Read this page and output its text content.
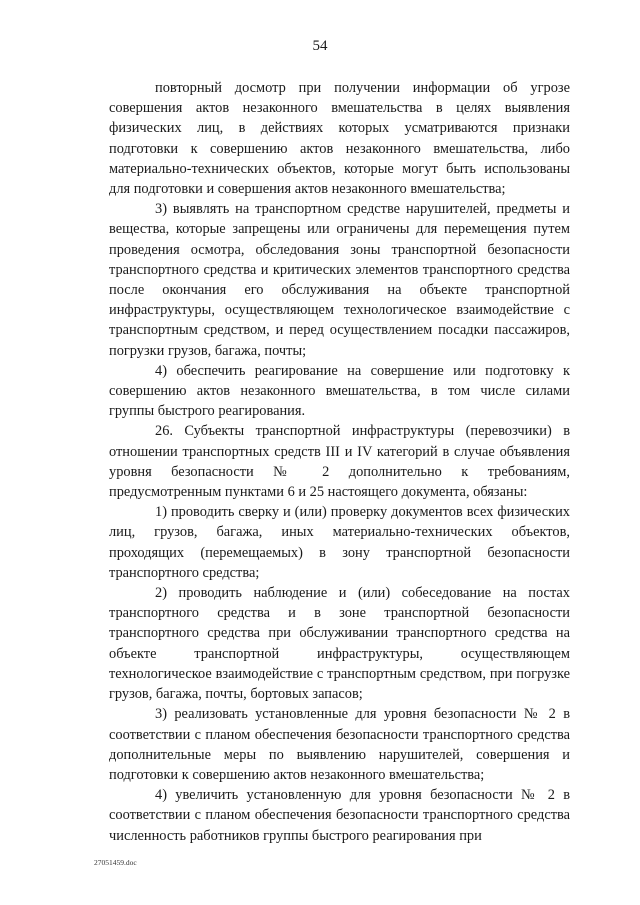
54

повторный досмотр при получении информации об угрозе совершения актов незаконного вмешательства в целях выявления физических лиц, в действиях которых усматриваются признаки подготовки к совершению актов незаконного вмешательства, либо материально-технических объектов, которые могут быть использованы для подготовки и совершения актов незаконного вмешательства;

3) выявлять на транспортном средстве нарушителей, предметы и вещества, которые запрещены или ограничены для перемещения путем проведения осмотра, обследования зоны транспортной безопасности транспортного средства и критических элементов транспортного средства после окончания его обслуживания на объекте транспортной инфраструктуры, осуществляющем технологическое взаимодействие с транспортным средством, и перед осуществлением посадки пассажиров, погрузки грузов, багажа, почты;

4) обеспечить реагирование на совершение или подготовку к совершению актов незаконного вмешательства, в том числе силами группы быстрого реагирования.

26. Субъекты транспортной инфраструктуры (перевозчики) в отношении транспортных средств III и IV категорий в случае объявления уровня безопасности № 2 дополнительно к требованиям, предусмотренным пунктами 6 и 25 настоящего документа, обязаны:

1) проводить сверку и (или) проверку документов всех физических лиц, грузов, багажа, иных материально-технических объектов, проходящих (перемещаемых) в зону транспортной безопасности транспортного средства;

2) проводить наблюдение и (или) собеседование на постах транспортного средства и в зоне транспортной безопасности транспортного средства при обслуживании транспортного средства на объекте транспортной инфраструктуры, осуществляющем технологическое взаимодействие с транспортным средством, при погрузке грузов, багажа, почты, бортовых запасов;

3) реализовать установленные для уровня безопасности № 2 в соответствии с планом обеспечения безопасности транспортного средства дополнительные меры по выявлению нарушителей, совершения и подготовки к совершению актов незаконного вмешательства;

4) увеличить установленную для уровня безопасности № 2 в соответствии с планом обеспечения безопасности транспортного средства численность работников группы быстрого реагирования при

27051459.doc
